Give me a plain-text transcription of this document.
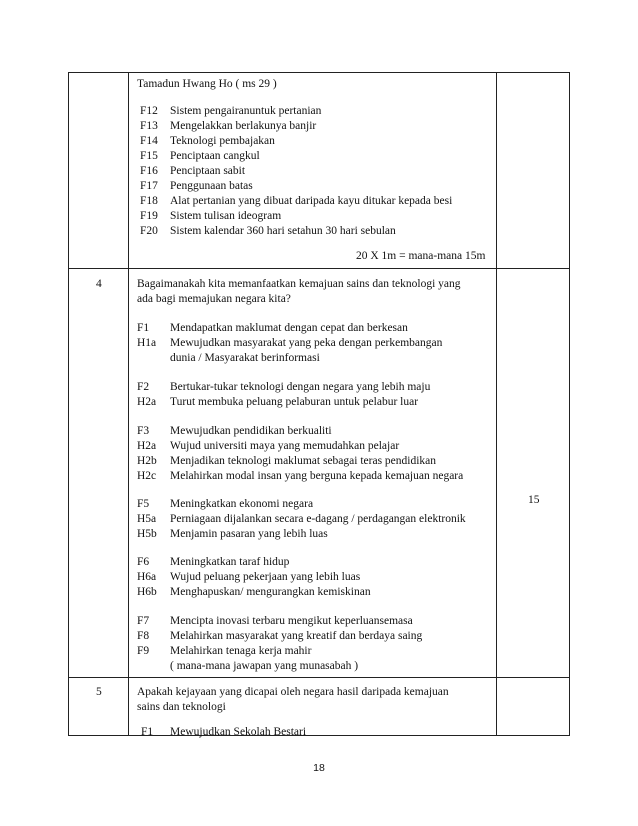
Tamadun Hwang Ho ( ms 29 )
F12 Sistem pengairanuntuk pertanian
F13 Mengelakkan berlakunya banjir
F14 Teknologi pembajakan
F15 Penciptaan cangkul
F16 Penciptaan sabit
F17 Penggunaan batas
F18 Alat pertanian yang dibuat daripada kayu ditukar kepada besi
F19 Sistem tulisan ideogram
F20 Sistem kalendar 360 hari setahun 30 hari sebulan
20 X 1m = mana-mana 15m
4	Bagaimanakah kita memanfaatkan kemajuan sains dan teknologi yang
ada bagi memajukan negara kita?
F1 Mendapatkan maklumat dengan cepat dan berkesan
H1a Mewujudkan masyarakat yang peka dengan perkembangan
dunia / Masyarakat berinformasi
F2 Bertukar-tukar teknologi dengan negara yang lebih maju
H2a Turut membuka peluang pelaburan untuk pelabur luar
F3 Mewujudkan pendidikan berkualiti
H2a Wujud universiti maya yang memudahkan pelajar
H2b Menjadikan teknologi maklumat sebagai teras pendidikan
H2c Melahirkan modal insan yang berguna kepada kemajuan negara
F5 Meningkatkan ekonomi negara
H5a Perniagaan dijalankan secara e-dagang / perdagangan elektronik
H5b Menjamin pasaran yang lebih luas
F6 Meningkatkan taraf hidup
H6a Wujud peluang pekerjaan yang lebih luas
H6b Menghapuskan/ mengurangkan kemiskinan
F7 Mencipta inovasi terbaru mengikut keperluansemasa
F8 Melahirkan masyarakat yang kreatif dan berdaya saing
F9 Melahirkan tenaga kerja mahir
( mana-mana jawapan yang munasabah )
15
5	Apakah kejayaan yang dicapai oleh negara hasil daripada kemajuan
sains dan teknologi
F1 Mewujudkan Sekolah Bestari
18
